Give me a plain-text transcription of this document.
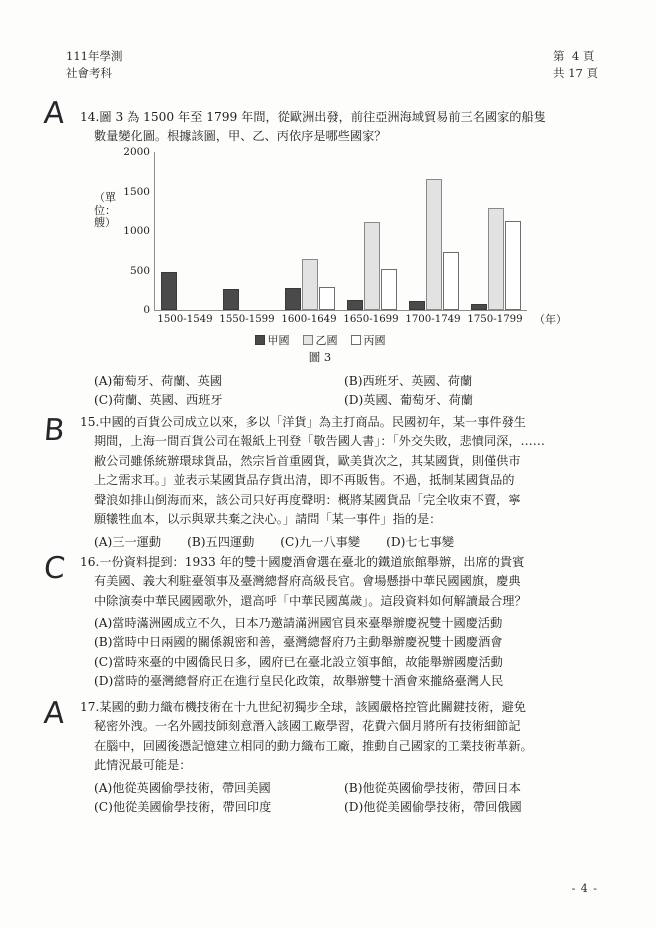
111年學測
社會考科
第  4 頁
共 17 頁
A
B
C
A
14.圖 3 為 1500 年至 1799 年間，從歐洲出發，前往亞洲海域貿易前三名國家的船隻
數量變化圖。根據該圖，甲、乙、丙依序是哪些國家？
（單位：艘）
2000
1500
1000
500
0
1500-1549 1550-1599 1600-1649 1650-1699 1700-1749 1750-1799	（年）
甲國 乙國 丙國
圖 3
(A)葡萄牙、荷蘭、英國	(B)西班牙、英國、荷蘭
(C)荷蘭、英國、西班牙	(D)英國、葡萄牙、荷蘭
15.中國的百貨公司成立以來，多以「洋貨」為主打商品。民國初年，某一事件發生
期間，上海一間百貨公司在報紙上刊登「敬告國人書」：「外交失敗，悲憤同深，……
敝公司雖係統辦環球貨品，然宗旨首重國貨，歐美貨次之，其某國貨，則僅供市
上之需求耳。」並表示某國貨品存貨出清，即不再販售。不過，抵制某國貨品的
聲浪如排山倒海而來，該公司只好再度聲明：概將某國貨品「完全收束不賣，寧
願犧牲血本，以示與眾共棄之決心。」請問「某一事件」指的是：
(A)三一運動 (B)五四運動 (C)九一八事變 (D)七七事變
16.一份資料提到：1933 年的雙十國慶酒會選在臺北的鐵道旅館舉辦，出席的貴賓
有美國、義大利駐臺領事及臺灣總督府高級長官。會場懸掛中華民國國旗，慶典
中除演奏中華民國國歌外，還高呼「中華民國萬歲」。這段資料如何解讀最合理？
(A)當時滿洲國成立不久，日本乃邀請滿洲國官員來臺舉辦慶祝雙十國慶活動
(B)當時中日兩國的關係親密和善，臺灣總督府乃主動舉辦慶祝雙十國慶酒會
(C)當時來臺的中國僑民日多，國府已在臺北設立領事館，故能舉辦國慶活動
(D)當時的臺灣總督府正在進行皇民化政策，故舉辦雙十酒會來攏絡臺灣人民
17.某國的動力織布機技術在十九世紀初獨步全球，該國嚴格控管此關鍵技術，避免
秘密外洩。一名外國技師刻意潛入該國工廠學習，花費六個月將所有技術細節記
在腦中，回國後憑記憶建立相同的動力織布工廠，推動自己國家的工業技術革新。
此情況最可能是：
(A)他從英國偷學技術，帶回美國	(B)他從英國偷學技術，帶回日本
(C)他從美國偷學技術，帶回印度	(D)他從美國偷學技術，帶回俄國
- 4 -
